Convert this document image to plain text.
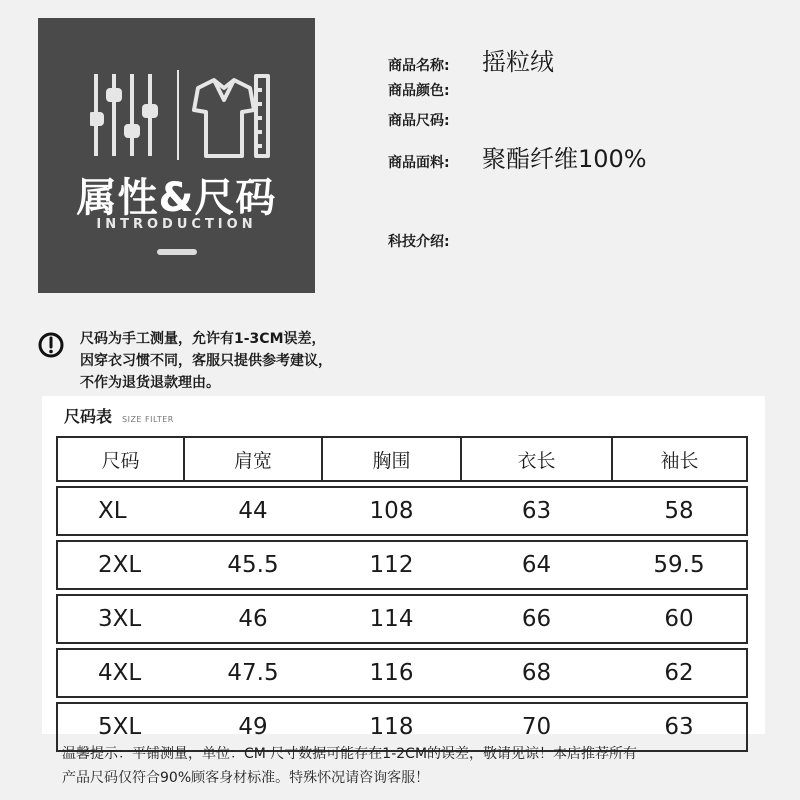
属性&尺码
INTRODUCTION
商品名称:	摇粒绒
商品颜色:
商品尺码:
商品面料:	聚酯纤维100%
科技介绍:
尺码为手工测量，允许有1-3CM误差，
因穿衣习惯不同，客服只提供参考建议，
不作为退货退款理由。
尺码表 SIZE FILTER
尺码	肩宽	胸围	衣长	袖长

XL	44	108	63	58

2XL	45.5	112	64	59.5

3XL	46	114	66	60

4XL	47.5	116	68	62

5XL	49	118	70	63
温馨提示：平铺测量，单位：CM 尺寸数据可能存在1-2CM的误差，敬请见谅！本店推荐所有
产品尺码仅符合90%顾客身材标准。特殊怀况请咨询客服！
